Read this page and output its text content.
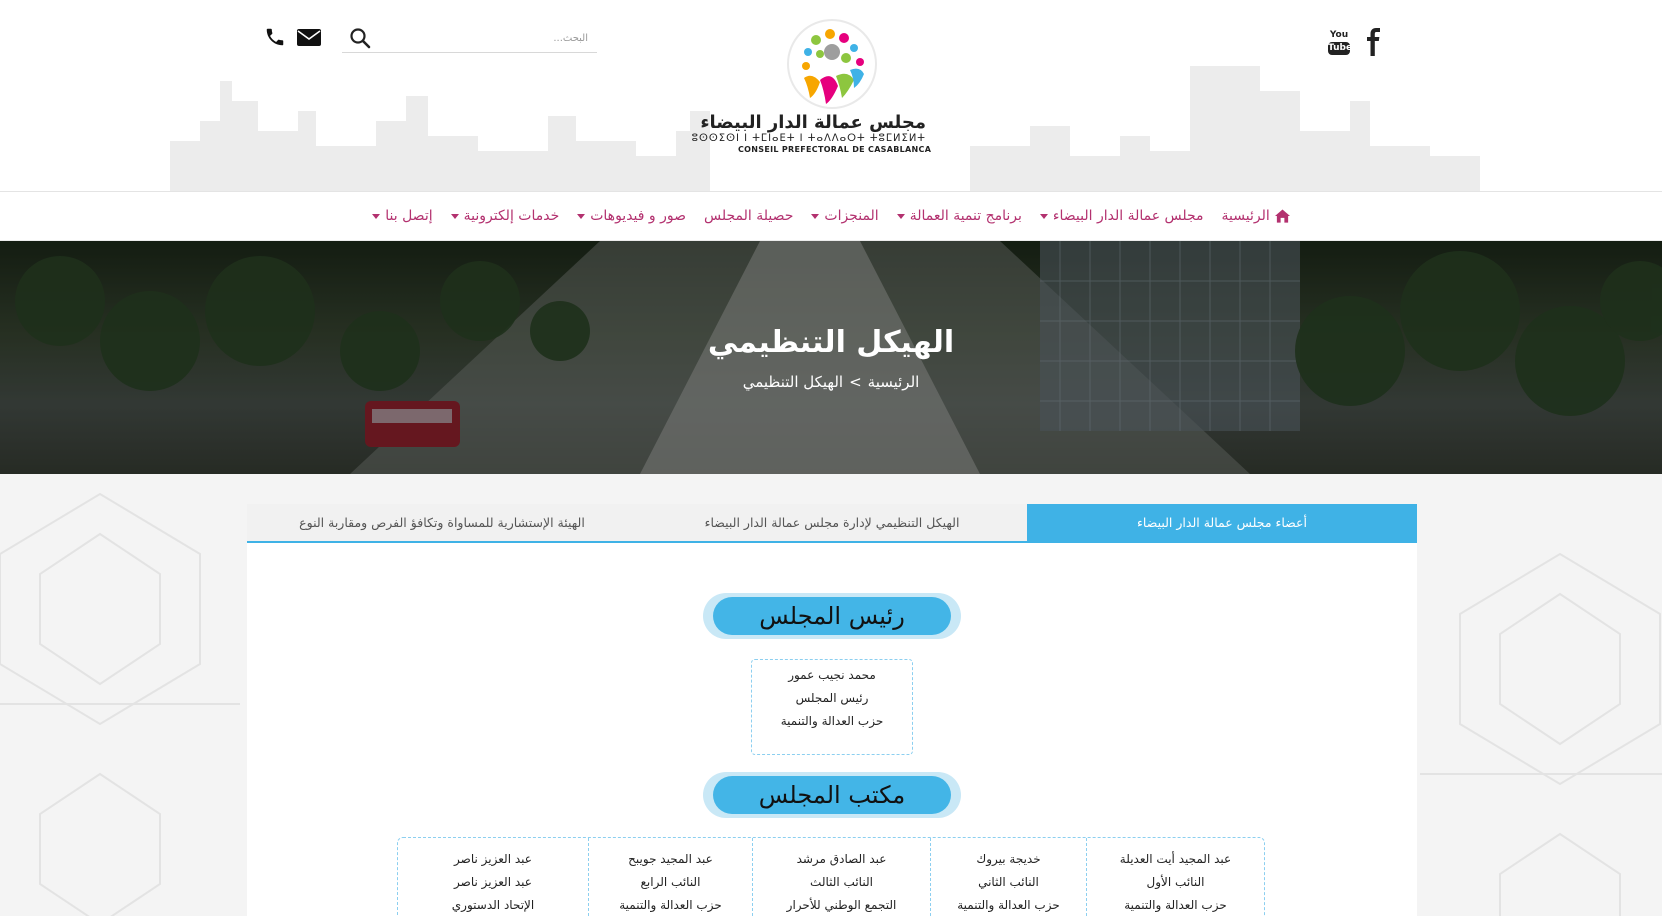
You
Tube
مجلس عمالة الدار البيضاء
ⵓⵙⵙⵉⵙⵏ ⵏ ⵜⵎⵏⴰⴹⵜ ⵏ ⵜⴰⴷⴷⴰⵔⵜ ⵜⵓⵎⵍⵉⵍⵜ
CONSEIL PREFECTORAL DE CASABLANCA
البحث...
الرئيسية
مجلس عمالة الدار البيضاء
برنامج تنمية العمالة
المنجزات
حصيلة المجلس
صور و فيديوهات
خدمات إلكترونية
إتصل بنا
الهيكل التنظيمي
الرئيسية
>
الهيكل التنظيمي
أعضاء مجلس عمالة الدار البيضاء
الهيكل التنظيمي لإدارة مجلس عمالة الدار البيضاء
الهيئة الإستشارية للمساواة وتكافؤ الفرص ومقاربة النوع
رئيس المجلس
محمد نجيب عمور
رئيس المجلس
حزب العدالة والتنمية
مكتب المجلس
عبد المجيد أيت العديلة
النائب الأول
حزب العدالة والتنمية
خديجة بيروك
النائب الثاني
حزب العدالة والتنمية
عبد الصادق مرشد
النائب الثالث
التجمع الوطني للأحرار
عبد المجيد جويبح
النائب الرابع
حزب العدالة والتنمية
عبد العزيز ناصر
عبد العزيز ناصر
الإتحاد الدستوري
